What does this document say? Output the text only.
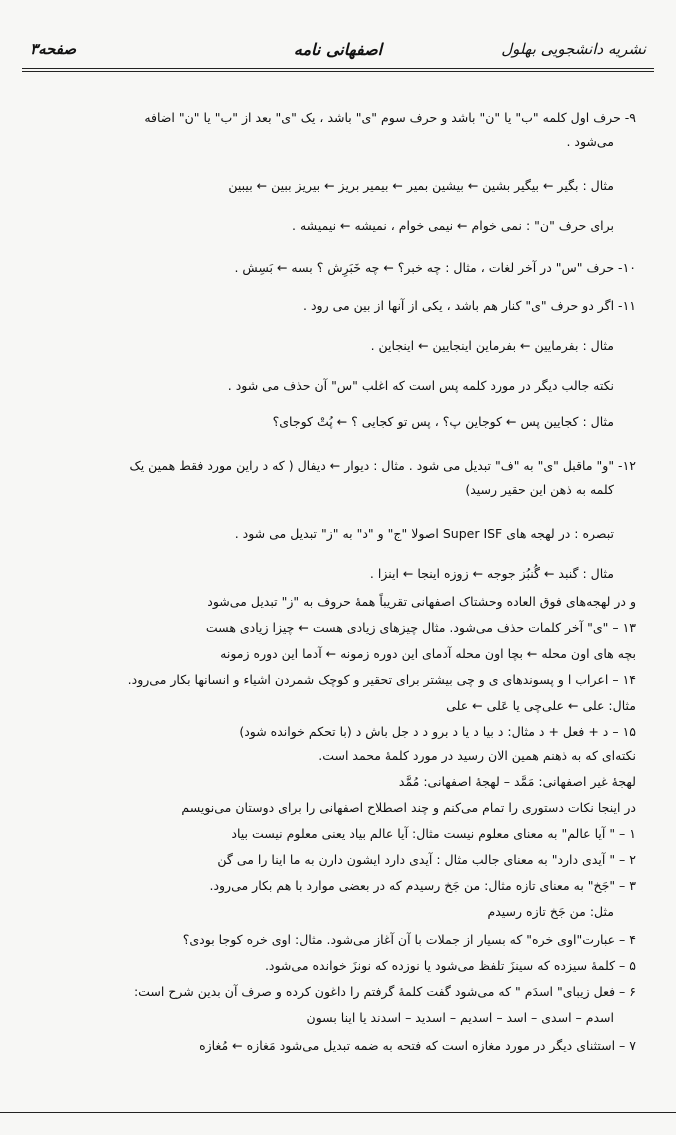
صفحه۳	اصفهانی نامه	نشریه دانشجویی بهلول
۹- حرف اول کلمه "ب" یا "ن" باشد و حرف سوم "ی" باشد ، یک "ی" بعد از "ب" یا "ن" اضافه
می‌شود .
مثال : بگیر ← بیگیر بشین ← بیشین بمیر ← بیمیر بریز ← بیریز ببین ← بیبین
برای حرف "ن" : نمی خوام ← نیمی خوام ، نمیشه ← نیمیشه .
۱۰- حرف "س" در آخر لغات ، مثال : چه خبر؟ ← چه خَبَرِش ؟ بسه ← بَسِش .
۱۱- اگر دو حرف "ی" کنار هم باشد ، یکی از آنها از بین می رود .
مثال : بفرمایین ← بفرماین اینجایین ← اینجاین .
نکته جالب دیگر در مورد کلمه پس است که اغلب "س" آن حذف می شود .
مثال : کجایین پس ← کوجاین پ؟ ، پس تو کجایی ؟ ← پُتْ کوجای؟
۱۲- "و" ماقبل "ی" به "ف" تبدیل می شود . مثال : دیوار ← دیفال ( که د راین مورد فقط همین یک
کلمه به ذهن این حقیر رسید)
تبصره : در لهجه های Super ISF اصولا "ج" و "د" به "ز" تبدیل می شود .
مثال : گنبد ← گُنبُز جوجه ← زوزه اینجا ← اینزا .
و در لهجه‌های فوق العاده وحشتاک اصفهانی تقریباً همهٔ حروف به "ز" تبدیل می‌شود
۱۳ – "ی" آخر کلمات حذف می‌شود. مثال چیزهای زیادی هست ← چیزا زیادی هست
بچه های اون محله ← بچا اون محله آدمای این دوره زمونه ← آدما این دوره زمونه
۱۴ – اعراب ا و پسوندهای ی و چی بیشتر برای تحقیر و کوچک شمردن اشیاء و انسانها بکار می‌رود.
مثال: علی ← علی‌چی یا عَلی ← علی
۱۵ – د + فعل + د مثال: د بیا د یا د برو د د جل باش د (با تحکم خوانده شود)
نکته‌ای که به ذهنم همین الان رسید در مورد کلمهٔ محمد است.
لهجهٔ غیر اصفهانی: مَمَّد – لهجهٔ اصفهانی: مُمَّد
در اینجا نکات دستوری را تمام می‌کنم و چند اصطلاح اصفهانی را برای دوستان می‌نویسم
۱ – " آیا عالم" به معنای معلوم نیست مثال: آیا عالم بیاد یعنی معلوم نیست بیاد
۲ – " آیدی دارد" به معنای جالب مثال : آیدی دارد ایشون دارن به ما اینا را می گن
۳ – "جَخ" به معنای تازه مثال: من جَخ رسیدم که در بعضی موارد با هم بکار می‌رود.
مثل: من جَخ تازه رسیدم
۴ – عبارت"اوی خره" که بسیار از جملات با آن آغاز می‌شود. مثال: اوی خره کوجا بودی؟
۵ – کلمهٔ سیزده که سینزَ تلفظ می‌شود یا نوزده که نونزَ خوانده می‌شود.
۶ – فعل زیبای" اسدَم " که می‌شود گفت کلمهٔ گرفتم را داغون کرده و صرف آن بدین شرح است:
اسدم – اسدی – اسد – اسدیم – اسدید – اسدند یا اینا بسون
۷ – استثنای دیگر در مورد مغازه است که فتحه به ضمه تبدیل می‌شود مَغازه ← مُغازه
